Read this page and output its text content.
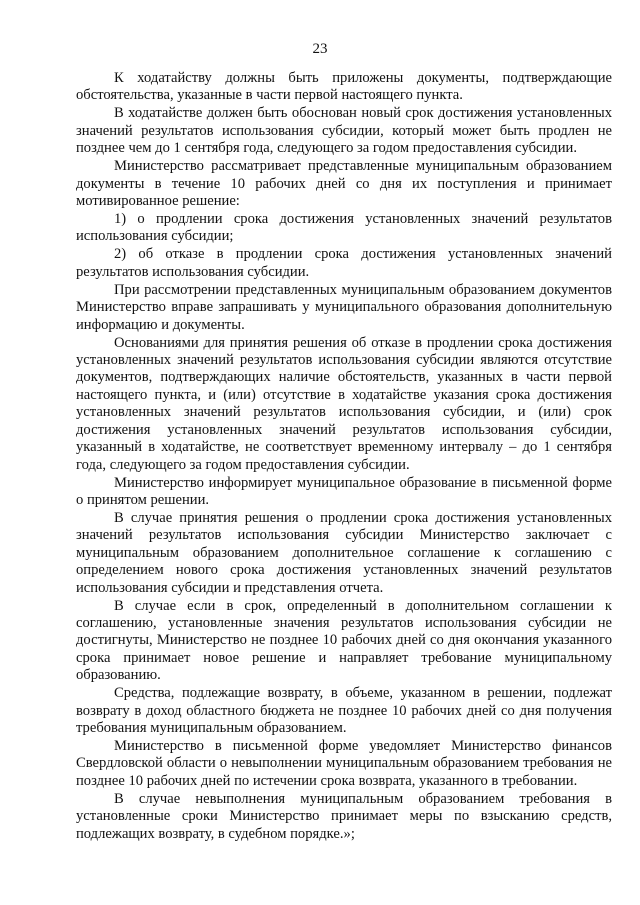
23

К ходатайству должны быть приложены документы, подтверждающие обстоятельства, указанные в части первой настоящего пункта.

В ходатайстве должен быть обоснован новый срок достижения установленных значений результатов использования субсидии, который может быть продлен не позднее чем до 1 сентября года, следующего за годом предоставления субсидии.

Министерство рассматривает представленные муниципальным образованием документы в течение 10 рабочих дней со дня их поступления и принимает мотивированное решение:

1) о продлении срока достижения установленных значений результатов использования субсидии;

2) об отказе в продлении срока достижения установленных значений результатов использования субсидии.

При рассмотрении представленных муниципальным образованием документов Министерство вправе запрашивать у муниципального образования дополнительную информацию и документы.

Основаниями для принятия решения об отказе в продлении срока достижения установленных значений результатов использования субсидии являются отсутствие документов, подтверждающих наличие обстоятельств, указанных в части первой настоящего пункта, и (или) отсутствие в ходатайстве указания срока достижения установленных значений результатов использования субсидии, и (или) срок достижения установленных значений результатов использования субсидии, указанный в ходатайстве, не соответствует временному интервалу – до 1 сентября года, следующего за годом предоставления субсидии.

Министерство информирует муниципальное образование в письменной форме о принятом решении.

В случае принятия решения о продлении срока достижения установленных значений результатов использования субсидии Министерство заключает с муниципальным образованием дополнительное соглашение к соглашению с определением нового срока достижения установленных значений результатов использования субсидии и представления отчета.

В случае если в срок, определенный в дополнительном соглашении к соглашению, установленные значения результатов использования субсидии не достигнуты, Министерство не позднее 10 рабочих дней со дня окончания указанного срока принимает новое решение и направляет требование муниципальному образованию.

Средства, подлежащие возврату, в объеме, указанном в решении, подлежат возврату в доход областного бюджета не позднее 10 рабочих дней со дня получения требования муниципальным образованием.

Министерство в письменной форме уведомляет Министерство финансов Свердловской области о невыполнении муниципальным образованием требования не позднее 10 рабочих дней по истечении срока возврата, указанного в требовании.

В случае невыполнения муниципальным образованием требования в установленные сроки Министерство принимает меры по взысканию средств, подлежащих возврату, в судебном порядке.»;
